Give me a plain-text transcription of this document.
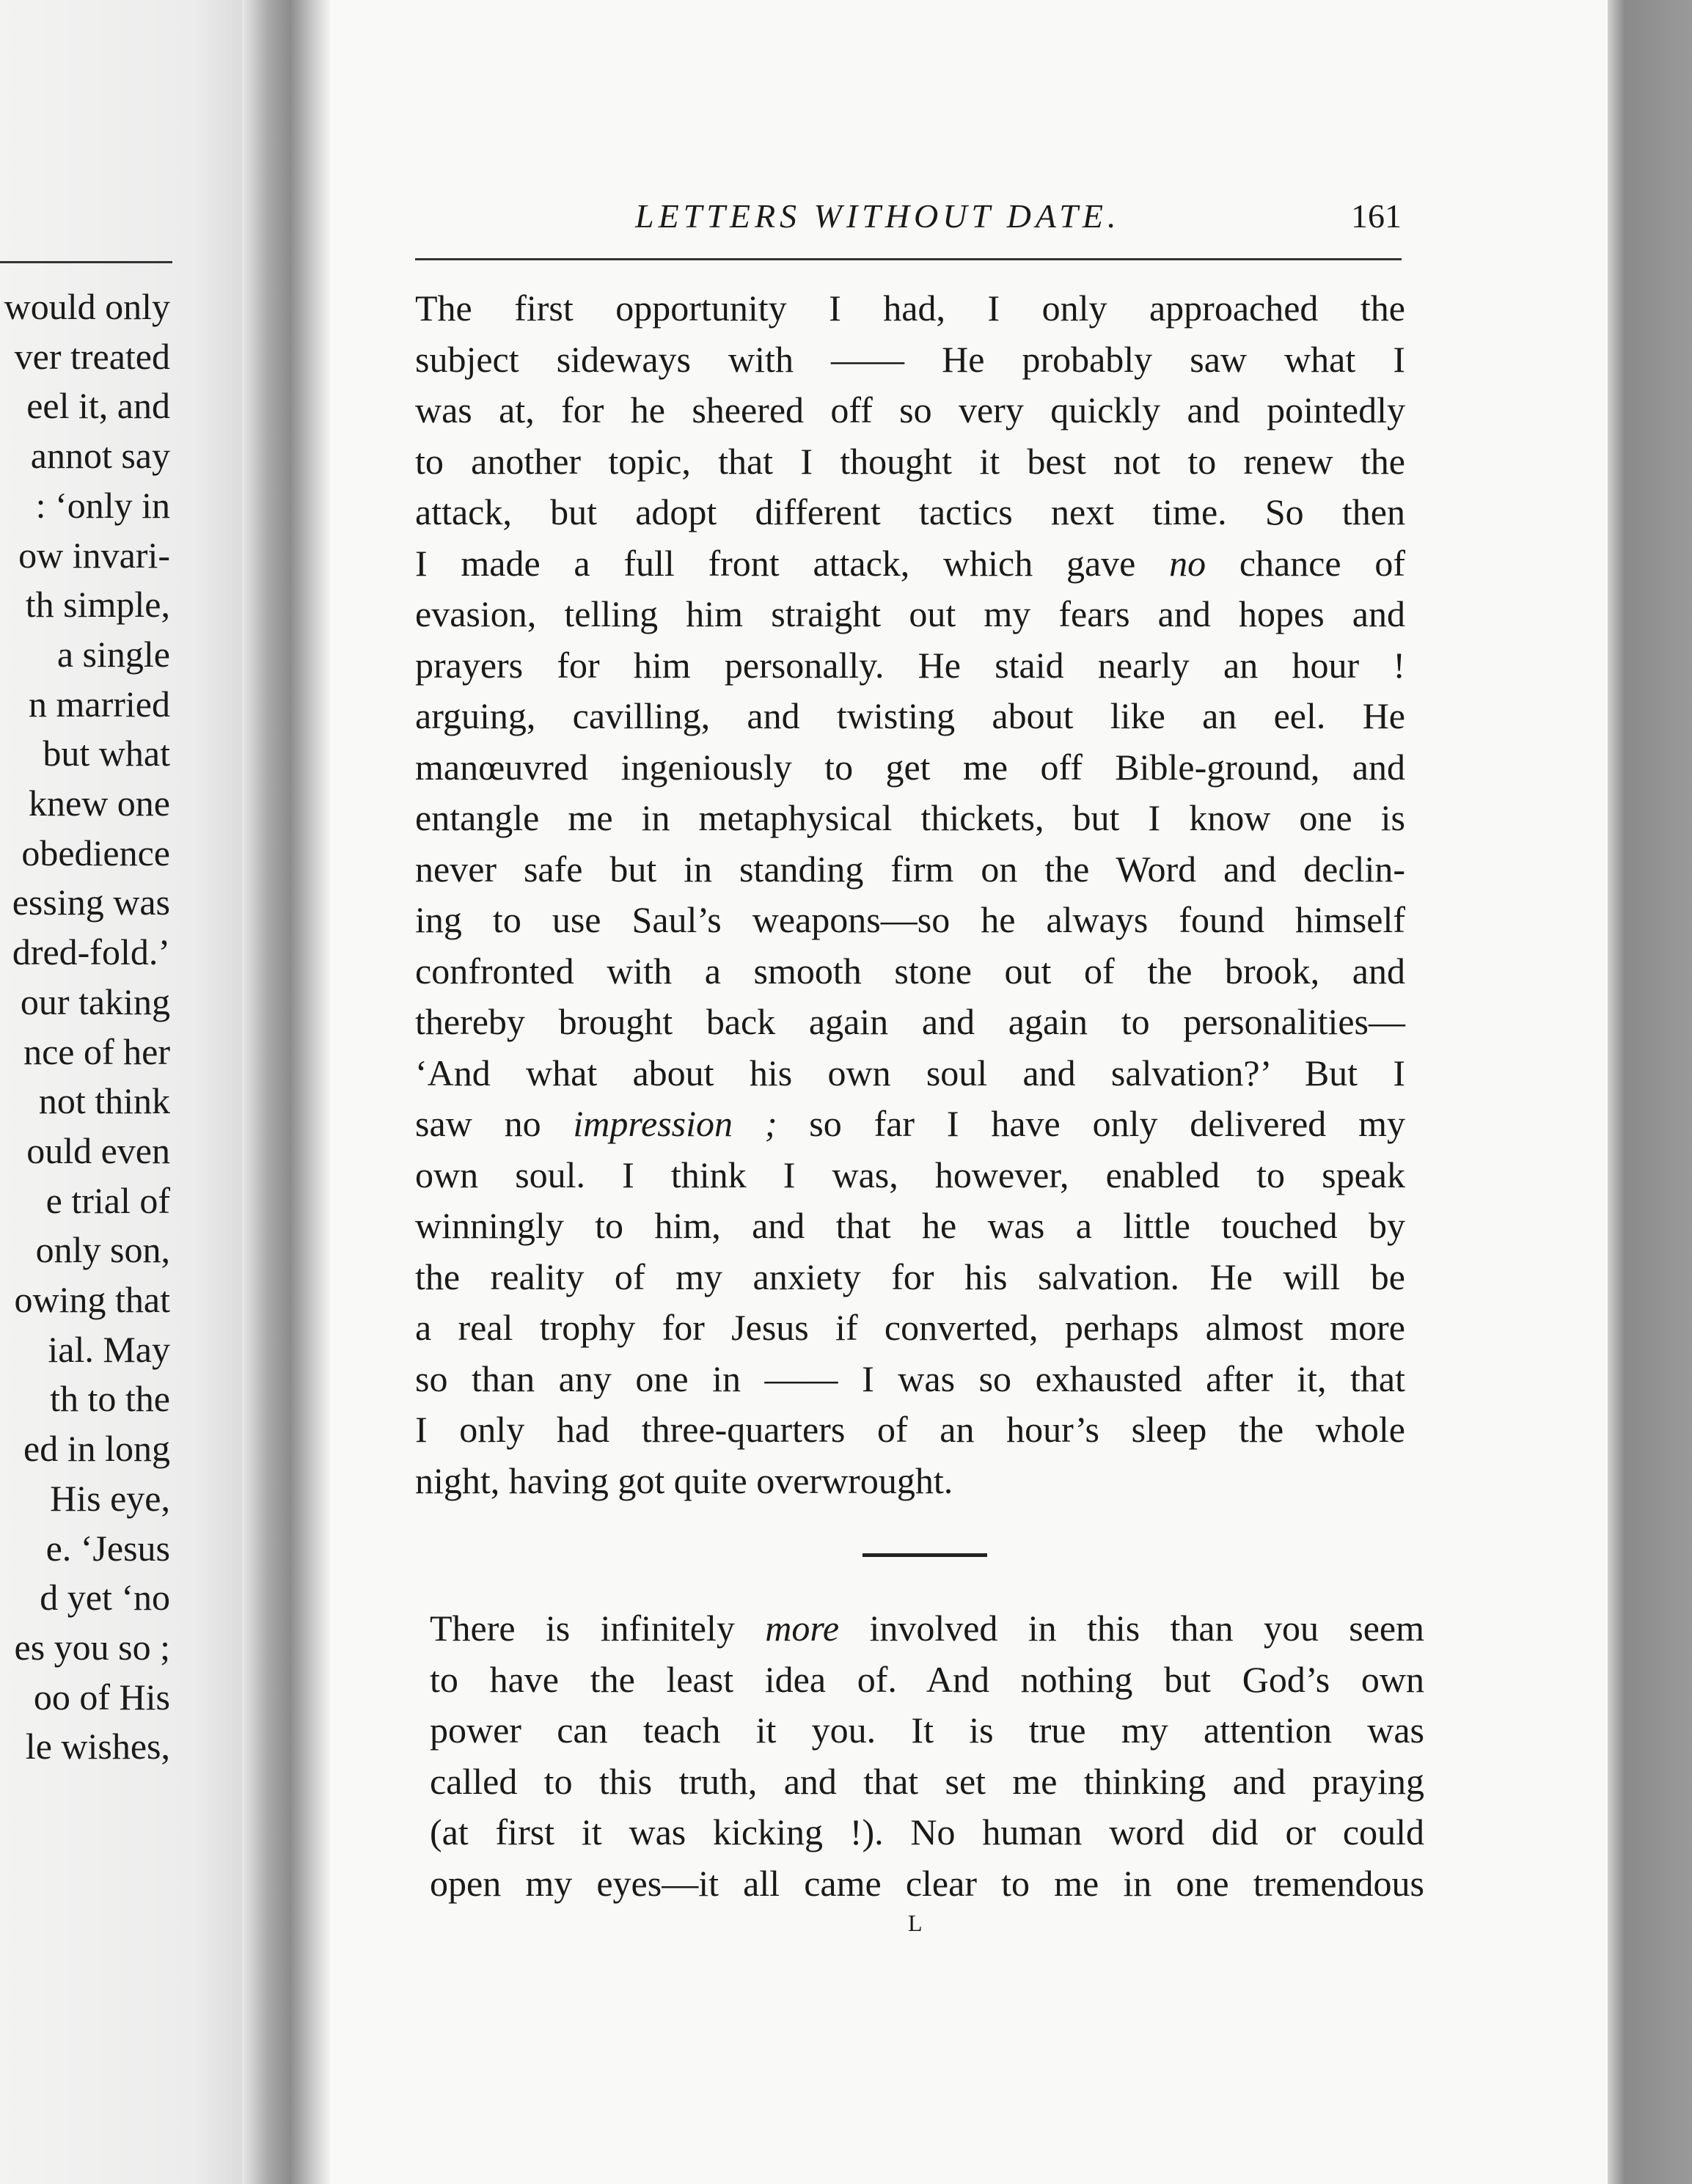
would only
ver treated
eel it, and
annot say
: ‘only in
ow invari-
th simple,
a single
n married
but what
knew one
obedience
essing was
dred-fold.’
our taking
nce of her
not think
ould even
e trial of
only son,
owing that
ial. May
th to the
ed in long
His eye,
e. ‘Jesus
d yet ‘no
es you so ;
oo of His
le wishes,
LETTERS WITHOUT DATE.	161
The first opportunity I had, I only approached the
subject sideways with —— He probably saw what I
was at, for he sheered off so very quickly and pointedly
to another topic, that I thought it best not to renew the
attack, but adopt different tactics next time. So then
I made a full front attack, which gave no chance of
evasion, telling him straight out my fears and hopes and
prayers for him personally. He staid nearly an hour !
arguing, cavilling, and twisting about like an eel. He
manœuvred ingeniously to get me off Bible-ground, and
entangle me in metaphysical thickets, but I know one is
never safe but in standing firm on the Word and declin-
ing to use Saul’s weapons—so he always found himself
confronted with a smooth stone out of the brook, and
thereby brought back again and again to personalities—
‘And what about his own soul and salvation?’ But I
saw no impression ; so far I have only delivered my
own soul. I think I was, however, enabled to speak
winningly to him, and that he was a little touched by
the reality of my anxiety for his salvation. He will be
a real trophy for Jesus if converted, perhaps almost more
so than any one in —— I was so exhausted after it, that
I only had three-quarters of an hour’s sleep the whole
night, having got quite overwrought.
There is infinitely more involved in this than you seem
to have the least idea of. And nothing but God’s own
power can teach it you. It is true my attention was
called to this truth, and that set me thinking and praying
(at first it was kicking !). No human word did or could
open my eyes—it all came clear to me in one tremendous
L
